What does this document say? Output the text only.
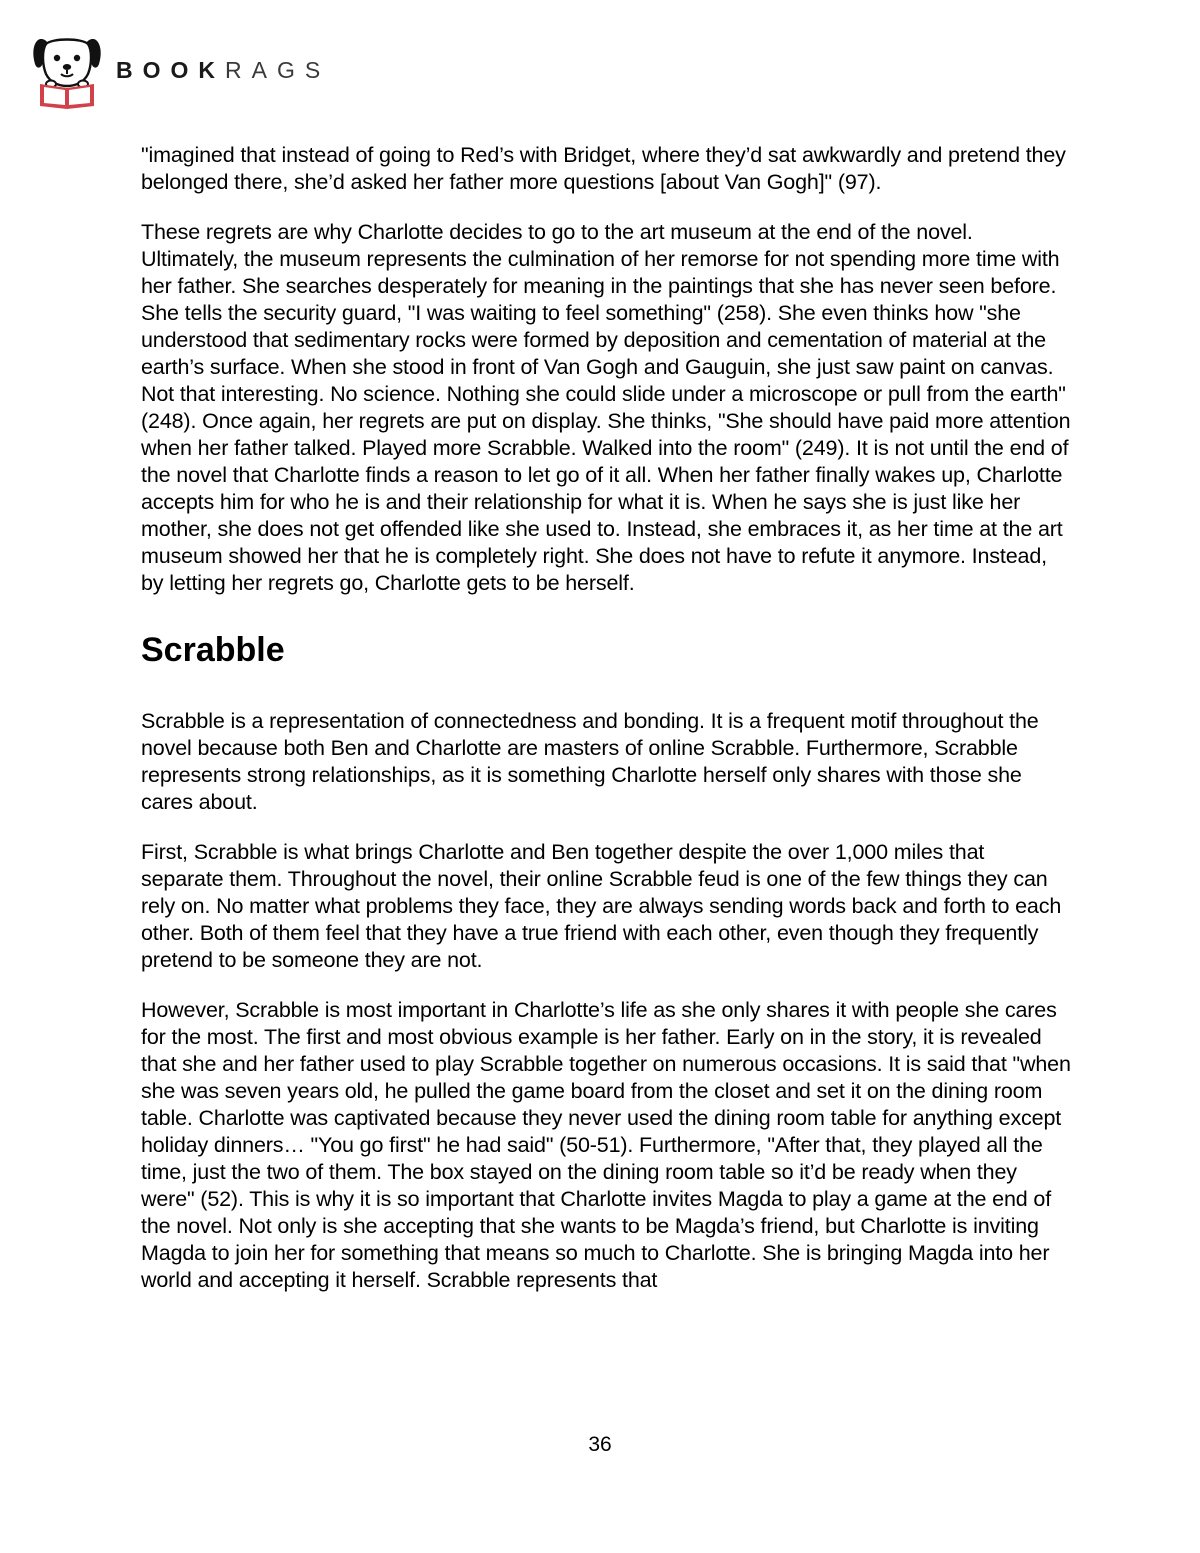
BOOKRAGS

"imagined that instead of going to Red’s with Bridget, where they’d sat awkwardly and pretend they belonged there, she’d asked her father more questions [about Van Gogh]" (97).

These regrets are why Charlotte decides to go to the art museum at the end of the novel. Ultimately, the museum represents the culmination of her remorse for not spending more time with her father. She searches desperately for meaning in the paintings that she has never seen before. She tells the security guard, "I was waiting to feel something" (258). She even thinks how "she understood that sedimentary rocks were formed by deposition and cementation of material at the earth’s surface. When she stood in front of Van Gogh and Gauguin, she just saw paint on canvas. Not that interesting. No science. Nothing she could slide under a microscope or pull from the earth" (248). Once again, her regrets are put on display. She thinks, "She should have paid more attention when her father talked. Played more Scrabble. Walked into the room" (249). It is not until the end of the novel that Charlotte finds a reason to let go of it all. When her father finally wakes up, Charlotte accepts him for who he is and their relationship for what it is. When he says she is just like her mother, she does not get offended like she used to. Instead, she embraces it, as her time at the art museum showed her that he is completely right. She does not have to refute it anymore. Instead, by letting her regrets go, Charlotte gets to be herself.

Scrabble

Scrabble is a representation of connectedness and bonding. It is a frequent motif throughout the novel because both Ben and Charlotte are masters of online Scrabble. Furthermore, Scrabble represents strong relationships, as it is something Charlotte herself only shares with those she cares about.

First, Scrabble is what brings Charlotte and Ben together despite the over 1,000 miles that separate them. Throughout the novel, their online Scrabble feud is one of the few things they can rely on. No matter what problems they face, they are always sending words back and forth to each other. Both of them feel that they have a true friend with each other, even though they frequently pretend to be someone they are not.

However, Scrabble is most important in Charlotte’s life as she only shares it with people she cares for the most. The first and most obvious example is her father. Early on in the story, it is revealed that she and her father used to play Scrabble together on numerous occasions. It is said that "when she was seven years old, he pulled the game board from the closet and set it on the dining room table. Charlotte was captivated because they never used the dining room table for anything except holiday dinners… "You go first" he had said" (50-51). Furthermore, "After that, they played all the time, just the two of them. The box stayed on the dining room table so it’d be ready when they were" (52). This is why it is so important that Charlotte invites Magda to play a game at the end of the novel. Not only is she accepting that she wants to be Magda’s friend, but Charlotte is inviting Magda to join her for something that means so much to Charlotte. She is bringing Magda into her world and accepting it herself. Scrabble represents that

36
